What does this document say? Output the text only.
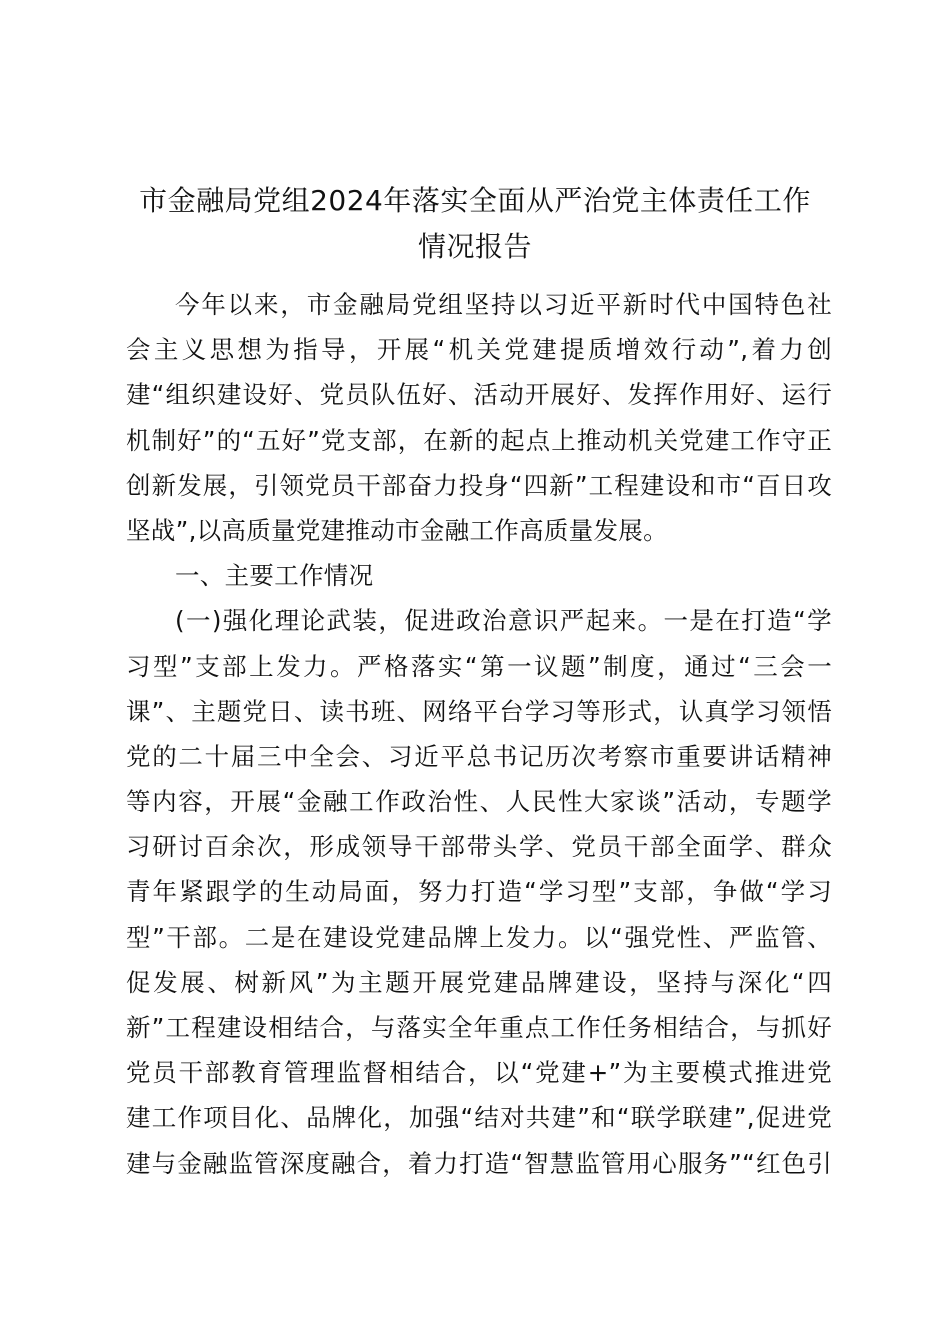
市金融局党组2024年落实全面从严治党主体责任工作
情况报告
今年以来，市金融局党组坚持以习近平新时代中国特色社
会主义思想为指导，开展“机关党建提质增效行动”,着力创
建“组织建设好、党员队伍好、活动开展好、发挥作用好、运行
机制好”的“五好”党支部，在新的起点上推动机关党建工作守正
创新发展，引领党员干部奋力投身“四新”工程建设和市“百日攻
坚战”,以高质量党建推动市金融工作高质量发展。
一、主要工作情况
(一)强化理论武装，促进政治意识严起来。一是在打造“学
习型”支部上发力。严格落实“第一议题”制度，通过“三会一
课”、主题党日、读书班、网络平台学习等形式，认真学习领悟
党的二十届三中全会、习近平总书记历次考察市重要讲话精神
等内容，开展“金融工作政治性、人民性大家谈”活动，专题学
习研讨百余次，形成领导干部带头学、党员干部全面学、群众
青年紧跟学的生动局面，努力打造“学习型”支部，争做“学习
型”干部。二是在建设党建品牌上发力。以“强党性、严监管、
促发展、树新风”为主题开展党建品牌建设，坚持与深化“四
新”工程建设相结合，与落实全年重点工作任务相结合，与抓好
党员干部教育管理监督相结合，以“党建+”为主要模式推进党
建工作项目化、品牌化，加强“结对共建”和“联学联建”,促进党
建与金融监管深度融合，着力打造“智慧监管用心服务”“红色引
